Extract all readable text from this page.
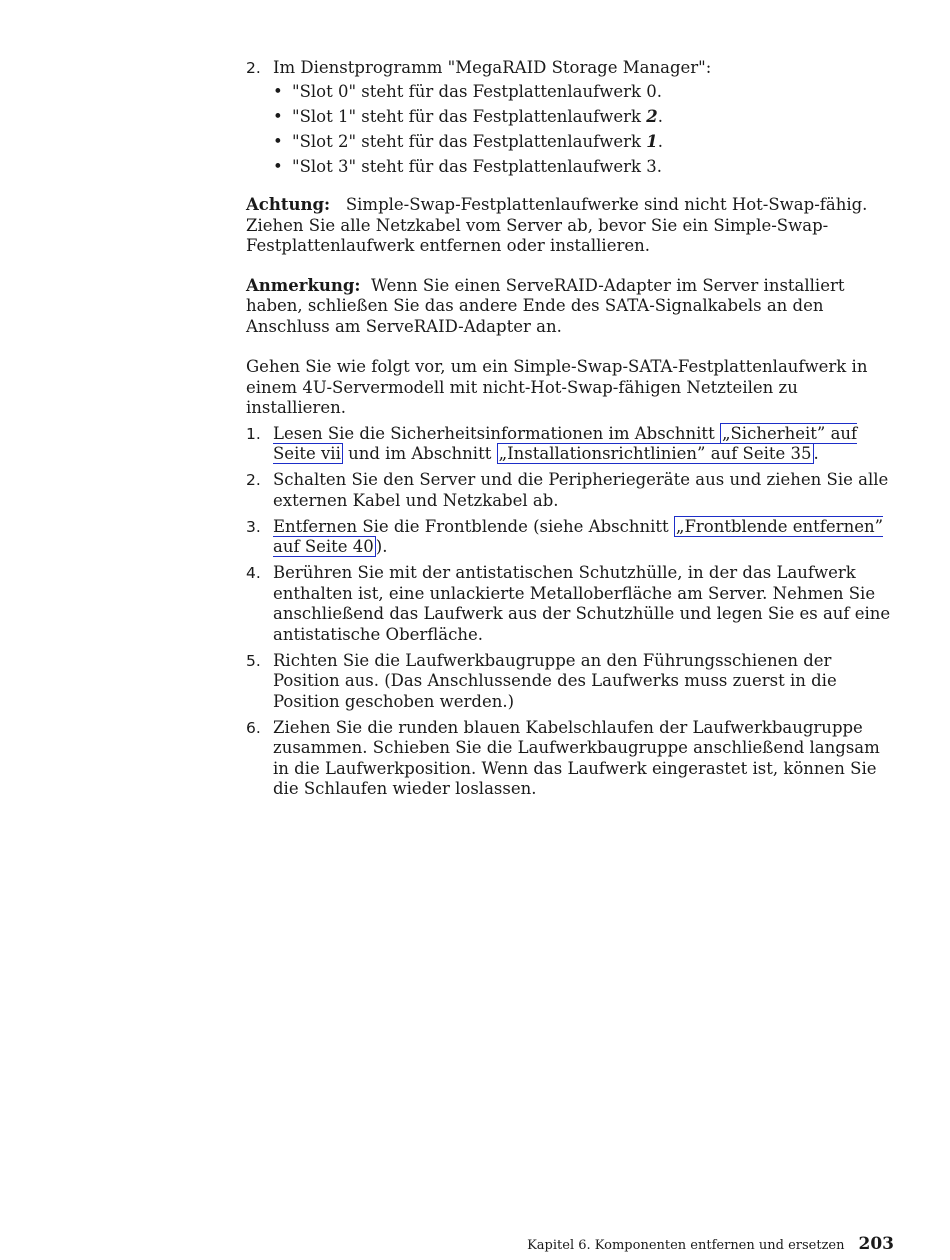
2. Im Dienstprogramm "MegaRAID Storage Manager":
• "Slot 0" steht für das Festplattenlaufwerk 0.
• "Slot 1" steht für das Festplattenlaufwerk 2.
• "Slot 2" steht für das Festplattenlaufwerk 1.
• "Slot 3" steht für das Festplattenlaufwerk 3.

Achtung: Simple-Swap-Festplattenlaufwerke sind nicht Hot-Swap-fähig. Ziehen Sie alle Netzkabel vom Server ab, bevor Sie ein Simple-Swap-Festplattenlaufwerk entfernen oder installieren.

Anmerkung: Wenn Sie einen ServeRAID-Adapter im Server installiert haben, schließen Sie das andere Ende des SATA-Signalkabels an den Anschluss am ServeRAID-Adapter an.

Gehen Sie wie folgt vor, um ein Simple-Swap-SATA-Festplattenlaufwerk in einem 4U-Servermodell mit nicht-Hot-Swap-fähigen Netzteilen zu installieren.

1. Lesen Sie die Sicherheitsinformationen im Abschnitt „Sicherheit” auf Seite vii und im Abschnitt „Installationsrichtlinien” auf Seite 35 .
2. Schalten Sie den Server und die Peripheriegeräte aus und ziehen Sie alle externen Kabel und Netzkabel ab.
3. Entfernen Sie die Frontblende (siehe Abschnitt „Frontblende entfernen” auf Seite 40 ).
4. Berühren Sie mit der antistatischen Schutzhülle, in der das Laufwerk enthalten ist, eine unlackierte Metalloberfläche am Server. Nehmen Sie anschließend das Laufwerk aus der Schutzhülle und legen Sie es auf eine antistatische Oberfläche.
5. Richten Sie die Laufwerkbaugruppe an den Führungsschienen der Position aus. (Das Anschlussende des Laufwerks muss zuerst in die Position geschoben werden.)
6. Ziehen Sie die runden blauen Kabelschlaufen der Laufwerkbaugruppe zusammen. Schieben Sie die Laufwerkbaugruppe anschließend langsam in die Laufwerkposition. Wenn das Laufwerk eingerastet ist, können Sie die Schlaufen wieder loslassen.
Kapitel 6. Komponenten entfernen und ersetzen 203
